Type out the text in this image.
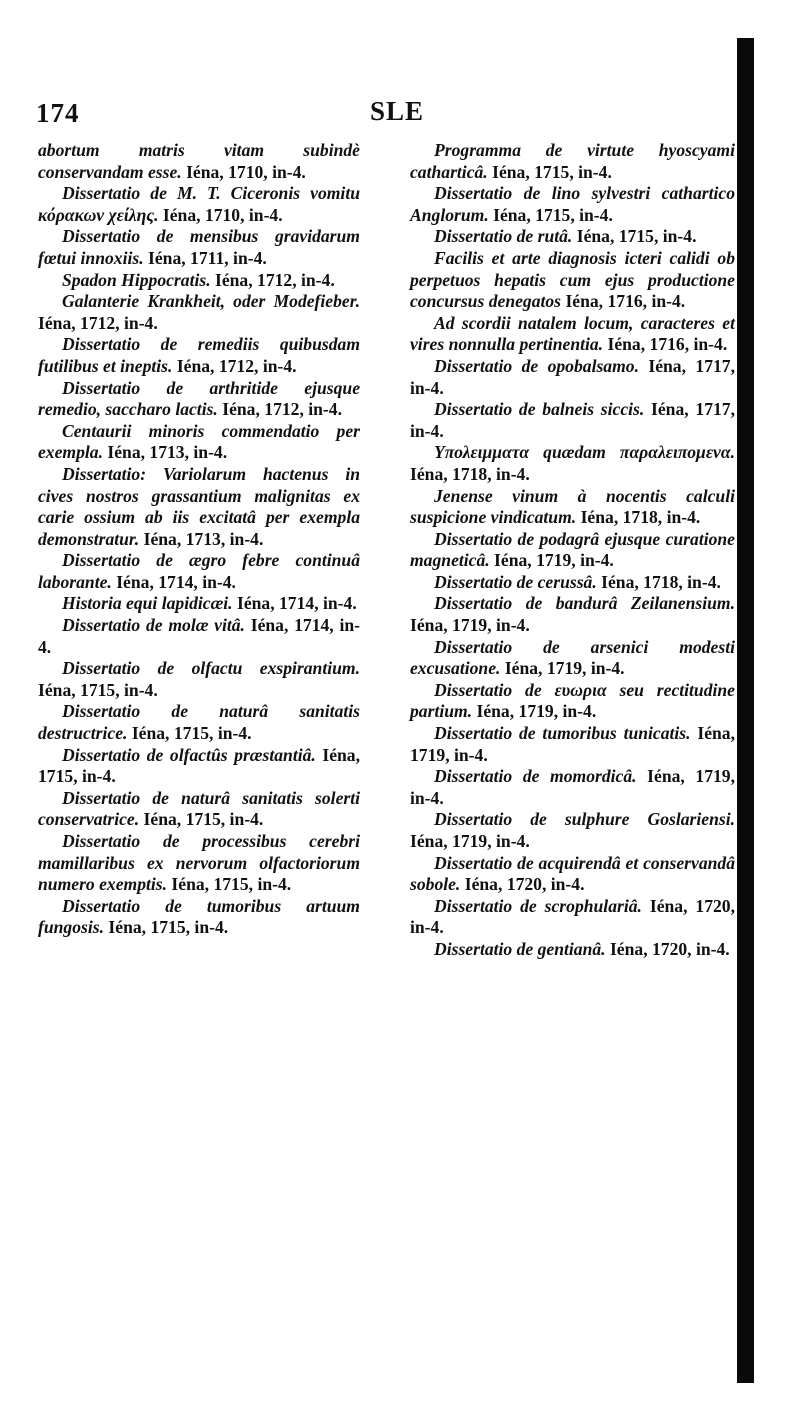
174	SLE

abortum matris vitam subindè conservandam esse. Iéna, 1710, in-4.

Dissertatio de M. T. Ciceronis vomitu κόρακων χείλης. Iéna, 1710, in-4.

Dissertatio de mensibus gravidarum fœtui innoxiis. Iéna, 1711, in-4.

Spadon Hippocratis. Iéna, 1712, in-4.

Galanterie Krankheit, oder Modefieber. Iéna, 1712, in-4.

Dissertatio de remediis quibusdam futilibus et ineptis. Iéna, 1712, in-4.

Dissertatio de arthritide ejusque remedio, saccharo lactis. Iéna, 1712, in-4.

Centaurii minoris commendatio per exempla. Iéna, 1713, in-4.

Dissertatio: Variolarum hactenus in cives nostros grassantium malignitas ex carie ossium ab iis excitatâ per exempla demonstratur. Iéna, 1713, in-4.

Dissertatio de ægro febre continuâ laborante. Iéna, 1714, in-4.

Historia equi lapidicæi. Iéna, 1714, in-4.

Dissertatio de molæ vitâ. Iéna, 1714, in-4.

Dissertatio de olfactu exspirantium. Iéna, 1715, in-4.

Dissertatio de naturâ sanitatis destructrice. Iéna, 1715, in-4.

Dissertatio de olfactûs præstantiâ. Iéna, 1715, in-4.

Dissertatio de naturâ sanitatis solerti conservatrice. Iéna, 1715, in-4.

Dissertatio de processibus cerebri mamillaribus ex nervorum olfactoriorum numero exemptis. Iéna, 1715, in-4.

Dissertatio de tumoribus artuum fungosis. Iéna, 1715, in-4.

Programma de virtute hyoscyami catharticâ. Iéna, 1715, in-4.

Dissertatio de lino sylvestri cathartico Anglorum. Iéna, 1715, in-4.

Dissertatio de rutâ. Iéna, 1715, in-4.

Facilis et arte diagnosis icteri calidi ob perpetuos hepatis cum ejus productione concursus denegatos Iéna, 1716, in-4.

Ad scordii natalem locum, caracteres et vires nonnulla pertinentia. Iéna, 1716, in-4.

Dissertatio de opobalsamo. Iéna, 1717, in-4.

Dissertatio de balneis siccis. Iéna, 1717, in-4.

Υπολειμματα quædam παραλειπομενα. Iéna, 1718, in-4.

Jenense vinum à nocentis calculi suspicione vindicatum. Iéna, 1718, in-4.

Dissertatio de podagrâ ejusque curatione magneticâ. Iéna, 1719, in-4.

Dissertatio de cerussâ. Iéna, 1718, in-4.

Dissertatio de bandurâ Zeilanensium. Iéna, 1719, in-4.

Dissertatio de arsenici modesti excusatione. Iéna, 1719, in-4.

Dissertatio de ευωρια seu rectitudine partium. Iéna, 1719, in-4.

Dissertatio de tumoribus tunicatis. Iéna, 1719, in-4.

Dissertatio de momordicâ. Iéna, 1719, in-4.

Dissertatio de sulphure Goslariensi. Iéna, 1719, in-4.

Dissertatio de acquirendâ et conservandâ sobole. Iéna, 1720, in-4.

Dissertatio de scrophulariâ. Iéna, 1720, in-4.

Dissertatio de gentianâ. Iéna, 1720, in-4.
